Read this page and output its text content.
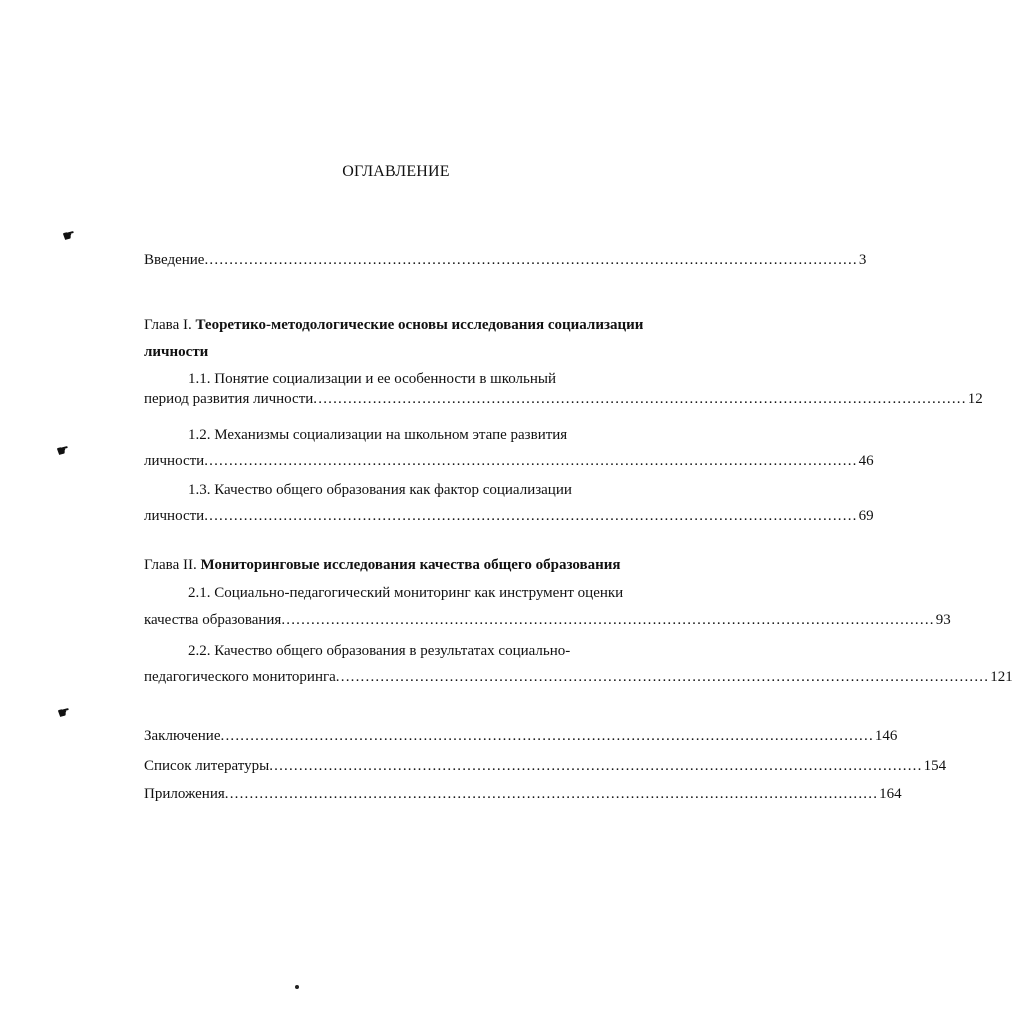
ОГЛАВЛЕНИЕ
☛
☛
☛
Введение .................................................................................................................................... 3
Глава I. Теоретико-методологические основы исследования социализации
личности
1.1. Понятие социализации и ее особенности в школьный
период развития личности .................................................................................................................................... 12
1.2. Механизмы социализации на школьном этапе развития
личности .................................................................................................................................... 46
1.3. Качество общего образования как фактор социализации
личности .................................................................................................................................... 69
Глава II. Мониторинговые исследования качества общего образования
2.1. Социально-педагогический мониторинг как инструмент оценки
качества образования .................................................................................................................................... 93
2.2. Качество общего образования в результатах социально-
педагогического мониторинга .................................................................................................................................... 121
Заключение .................................................................................................................................... 146
Список литературы .................................................................................................................................... 154
Приложения .................................................................................................................................... 164
